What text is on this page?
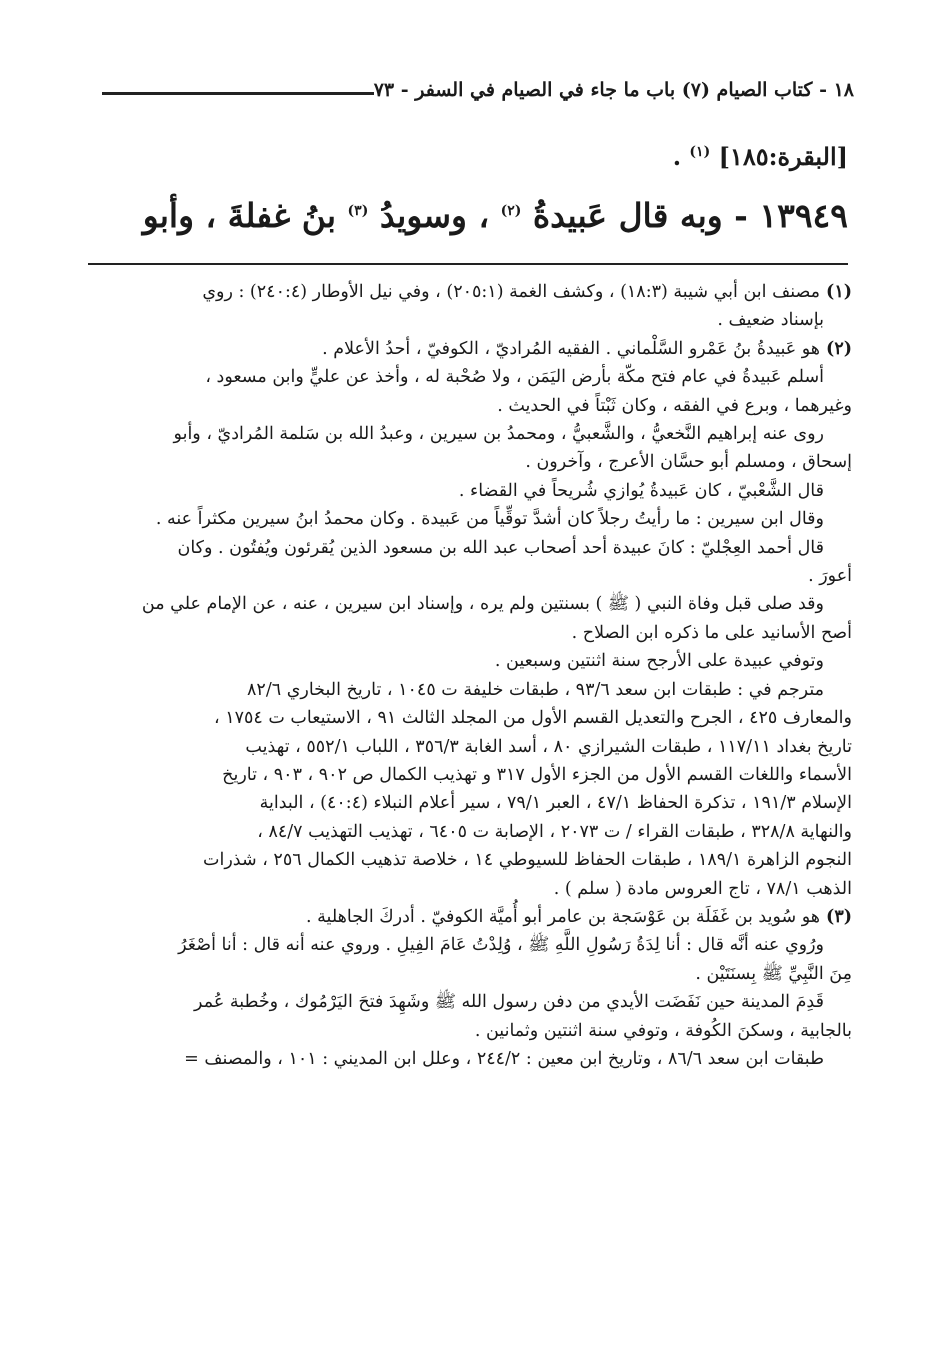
١٨ - كتاب الصيام (٧) باب ما جاء في الصيام في السفر - ٧٣
[البقرة:١٨٥] $^{(١)}$ .
١٣٩٤٩ - وبه قال عَبيدةُ $^{(٢)}$ ، وسويدُ $^{(٣)}$ بنُ غفلةَ ، وأبو

(١)مصنف ابن أبي شيبة (١٨:٣) ، وكشف الغمة (٢٠٥:١) ، وفي نيل الأوطار (٢٤٠:٤) : روي

بإسناد ضعيف .

(٢)هو عَبيدةُ بنُ عَمْرو السَّلْماني . الفقيه المُراديّ ، الكوفيّ ، أحدُ الأعلام .

أسلم عَبيدةُ في عام فتح مكّة بأرض اليَمَن ، ولا صُحْبة له ، وأخذ عن عليٍّ وابن مسعود ،

وغيرهما ، وبرع في الفقه ، وكان ثَبْتاً في الحديث .

روى عنه إبراهيم النَّخعيُّ ، والشَّعبيُّ ، ومحمدُ بن سيرين ، وعبدُ الله بن سَلمة المُراديّ ، وأبو

إسحاق ، ومسلم أبو حسَّان الأعرج ، وآخرون .

قال الشَّعْبيّ ، كان عَبيدةُ يُوازي شُريحاً في القضاء .

وقال ابن سيرين : ما رأيتُ رجلاً كان أشدَّ توقِّياً من عَبيدة . وكان محمدُ ابنُ سيرين مكثراً عنه .

قال أحمد العِجْليّ : كانَ عبيدة أحد أصحاب عبد الله بن مسعود الذين يُقرئون ويُفتُون . وكان

أعورَ .

وقد صلى قبل وفاة النبي ( ﷺ ) بسنتين ولم يره ، وإسناد ابن سيرين ، عنه ، عن الإمام علي من

أصح الأسانيد على ما ذكره ابن الصلاح .

وتوفي عبيدة على الأرجح سنة اثنتين وسبعين .

مترجم في : طبقات ابن سعد ٩٣/٦ ، طبقات خليفة ت ١٠٤٥ ، تاريخ البخاري ٨٢/٦

والمعارف ٤٢٥ ، الجرح والتعديل القسم الأول من المجلد الثالث ٩١ ، الاستيعاب ت ١٧٥٤ ،

تاريخ بغداد ١١٧/١١ ، طبقات الشيرازي ٨٠ ، أسد الغابة ٣٥٦/٣ ، اللباب ٥٥٢/١ ، تهذيب

الأسماء واللغات القسم الأول من الجزء الأول ٣١٧ و تهذيب الكمال ص ٩٠٢ ، ٩٠٣ ، تاريخ

الإسلام ١٩١/٣ ، تذكرة الحفاظ ٤٧/١ ، العبر ٧٩/١ ، سير أعلام النبلاء (٤٠:٤) ، البداية

والنهاية ٣٢٨/٨ ، طبقات القراء / ت ٢٠٧٣ ، الإصابة ت ٦٤٠٥ ، تهذيب التهذيب ٨٤/٧ ،

النجوم الزاهرة ١٨٩/١ ، طبقات الحفاظ للسيوطي ١٤ ، خلاصة تذهيب الكمال ٢٥٦ ، شذرات

الذهب ٧٨/١ ، تاج العروس مادة ( سلم ) .

(٣)هو سُويد بن غَفَلَة بن عَوْسَجة بن عامر أبو أُميَّة الكوفيّ . أدركَ الجاهلية .

ورُوي عنه أنَّه قال : أنا لِدَةُ رَسُولِ اللَّهِ ﷺ ، وُلِدْتُ عَامَ الفِيلِ . وروي عنه أنه قال : أنا أصْغَرُ

مِنَ النَّبِيِّ ﷺ بِسنَتَيْن .

قَدِمَ المدينة حين نَفَضَت الأيدي من دفن رسول الله ﷺ وشَهِدَ فتحَ اليَرْمُوك ، وخُطبة عُمر

بالجابية ، وسكنَ الكُوفة ، وتوفي سنة اثنتين وثمانين .

طبقات ابن سعد ٨٦/٦ ، وتاريخ ابن معين : ٢٤٤/٢ ، وعلل ابن المديني : ١٠١ ، والمصنف =
